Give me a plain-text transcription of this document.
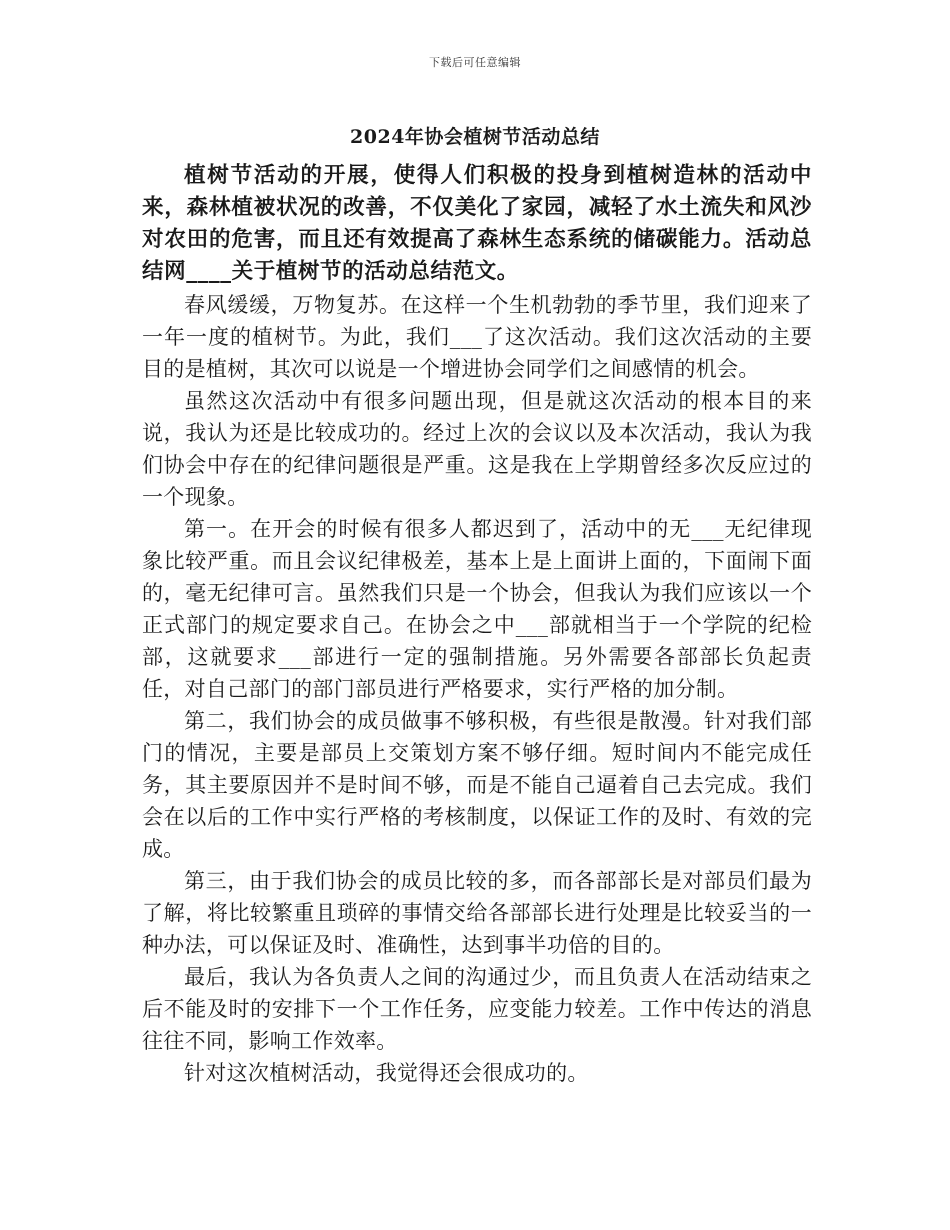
下载后可任意编辑
2024年协会植树节活动总结

植树节活动的开展，使得人们积极的投身到植树造林的活动中来，森林植被状况的改善，不仅美化了家园，减轻了水土流失和风沙对农田的危害，而且还有效提高了森林生态系统的储碳能力。活动总结网____关于植树节的活动总结范文。

春风缓缓，万物复苏。在这样一个生机勃勃的季节里，我们迎来了一年一度的植树节。为此，我们___了这次活动。我们这次活动的主要目的是植树，其次可以说是一个增进协会同学们之间感情的机会。

虽然这次活动中有很多问题出现，但是就这次活动的根本目的来说，我认为还是比较成功的。经过上次的会议以及本次活动，我认为我们协会中存在的纪律问题很是严重。这是我在上学期曾经多次反应过的一个现象。

第一。在开会的时候有很多人都迟到了，活动中的无___无纪律现象比较严重。而且会议纪律极差，基本上是上面讲上面的，下面闹下面的，毫无纪律可言。虽然我们只是一个协会，但我认为我们应该以一个正式部门的规定要求自己。在协会之中___部就相当于一个学院的纪检部，这就要求___部进行一定的强制措施。另外需要各部部长负起责任，对自己部门的部门部员进行严格要求，实行严格的加分制。

第二，我们协会的成员做事不够积极，有些很是散漫。针对我们部门的情况，主要是部员上交策划方案不够仔细。短时间内不能完成任务，其主要原因并不是时间不够，而是不能自己逼着自己去完成。我们会在以后的工作中实行严格的考核制度，以保证工作的及时、有效的完成。

第三，由于我们协会的成员比较的多，而各部部长是对部员们最为了解，将比较繁重且琐碎的事情交给各部部长进行处理是比较妥当的一种办法，可以保证及时、准确性，达到事半功倍的目的。

最后，我认为各负责人之间的沟通过少，而且负责人在活动结束之后不能及时的安排下一个工作任务，应变能力较差。工作中传达的消息往往不同，影响工作效率。

针对这次植树活动，我觉得还会很成功的。
